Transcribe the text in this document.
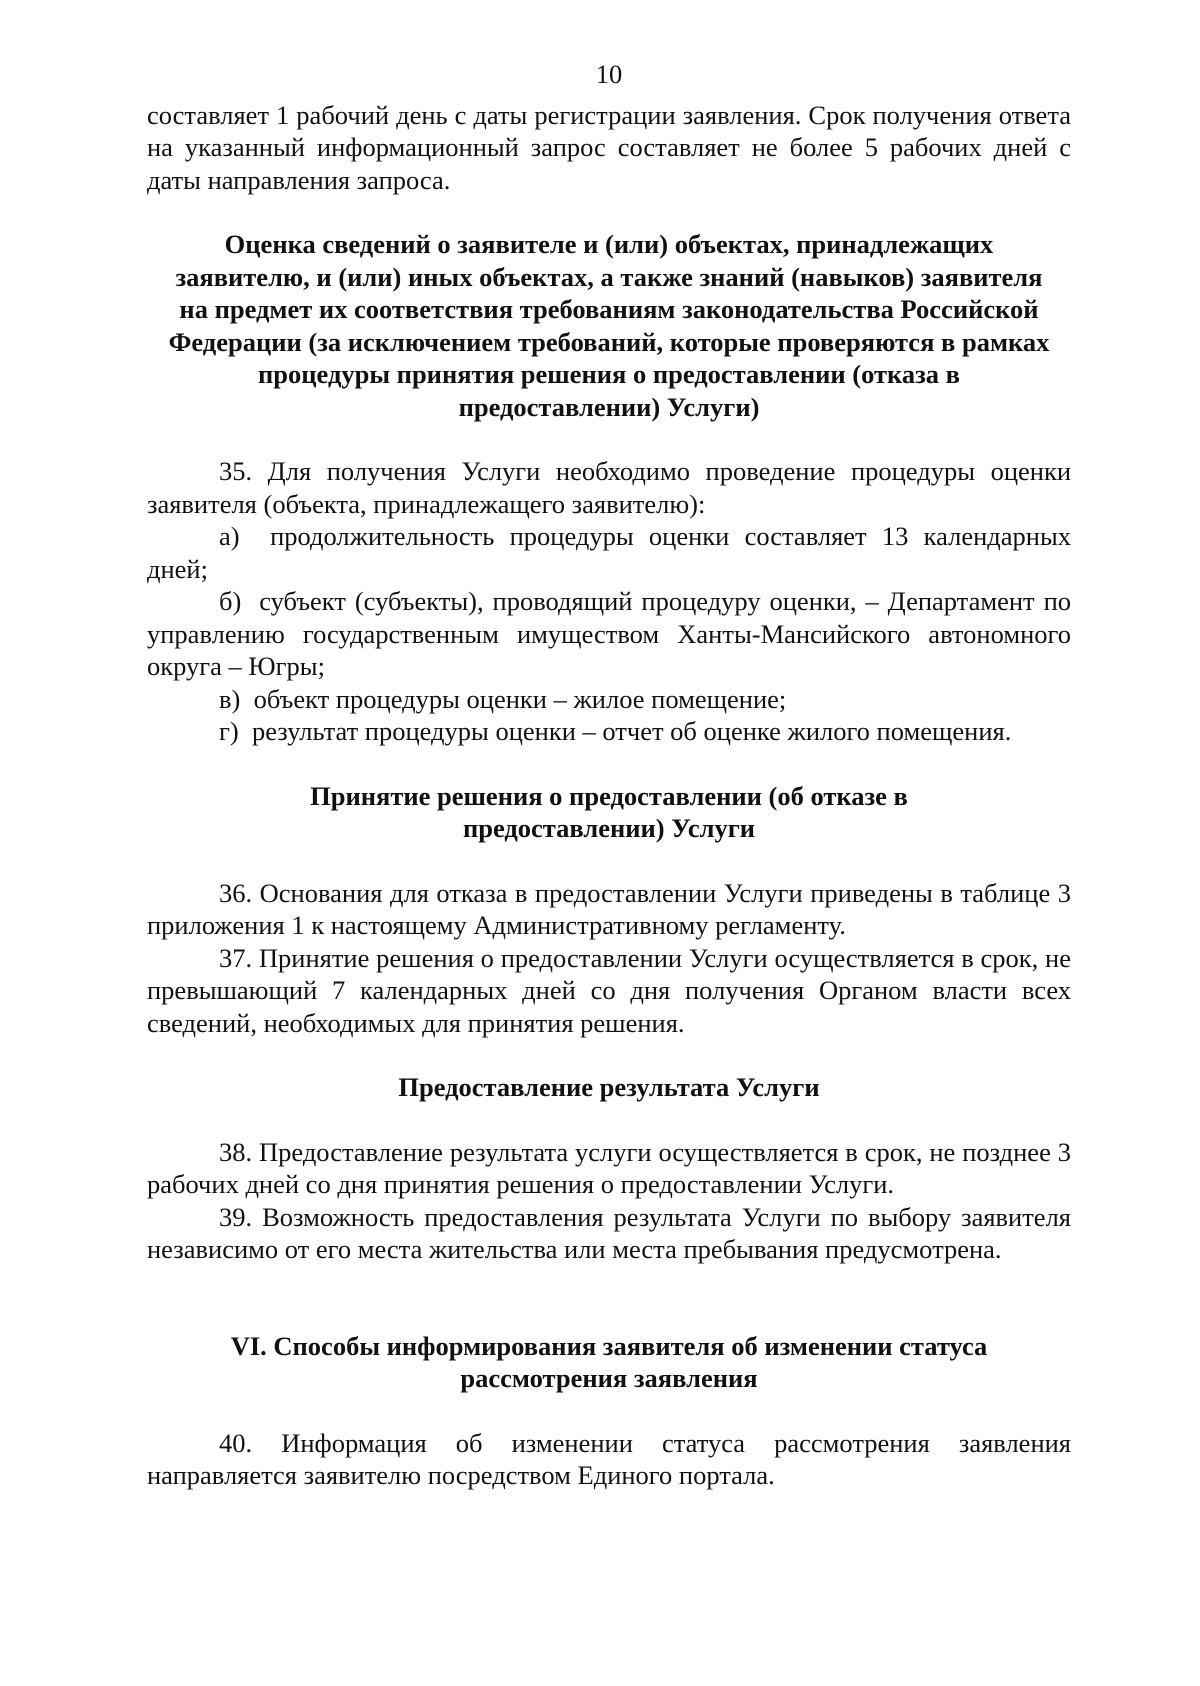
10

составляет 1 рабочий день с даты регистрации заявления. Срок получения ответа на указанный информационный запрос составляет не более 5 рабочих дней с даты направления запроса.

Оценка сведений о заявителе и (или) объектах, принадлежащих заявителю, и (или) иных объектах, а также знаний (навыков) заявителя на предмет их соответствия требованиям законодательства Российской Федерации (за исключением требований, которые проверяются в рамках процедуры принятия решения о предоставлении (отказа в предоставлении) Услуги)

35. Для получения Услуги необходимо проведение процедуры оценки заявителя (объекта, принадлежащего заявителю):

а) продолжительность процедуры оценки составляет 13 календарных дней;
б) субъект (субъекты), проводящий процедуру оценки, – Департамент по управлению государственным имуществом Ханты-Мансийского автономного округа – Югры;
в) объект процедуры оценки – жилое помещение;
г) результат процедуры оценки – отчет об оценке жилого помещения.
Принятие решения о предоставлении (об отказе в предоставлении) Услуги

36. Основания для отказа в предоставлении Услуги приведены в таблице 3 приложения 1 к настоящему Административному регламенту.

37. Принятие решения о предоставлении Услуги осуществляется в срок, не превышающий 7 календарных дней со дня получения Органом власти всех сведений, необходимых для принятия решения.

Предоставление результата Услуги

38. Предоставление результата услуги осуществляется в срок, не позднее 3 рабочих дней со дня принятия решения о предоставлении Услуги.

39. Возможность предоставления результата Услуги по выбору заявителя независимо от его места жительства или места пребывания предусмотрена.

VI. Способы информирования заявителя об изменении статуса рассмотрения заявления

40. Информация об изменении статуса рассмотрения заявления направляется заявителю посредством Единого портала.
